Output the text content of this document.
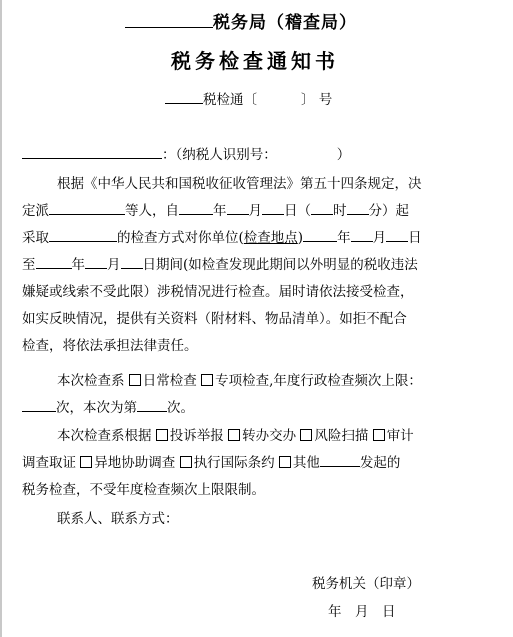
税务局（稽查局）
税务检查通知书
税检通〔	〕 号
：（纳税人识别号：	）
根据《中华人民共和国税收征收管理法》第五十四条规定，决
定派	等人，自	年 月 日（ 时 分）起
采取	的检查方式对你单位(检查地点)	年 月 日
至	年 月 日期间(如检查发现此期间以外明显的税收违法
嫌疑或线索不受此限）涉税情况进行检查。届时请依法接受检查，
如实反映情况，提供有关资料（附材料、物品清单）。如拒不配合
检查，将依法承担法律责任。
本次检查系 日常检查 专项检查,年度行政检查频次上限：
次，本次为第 次。
本次检查系根据 投诉举报 转办交办 风险扫描 审计
调查取证 异地协助调查 执行国际条约 其他	发起的
税务检查，不受年度检查频次上限限制。
联系人、联系方式：
税务机关（印章）
年　月　日
